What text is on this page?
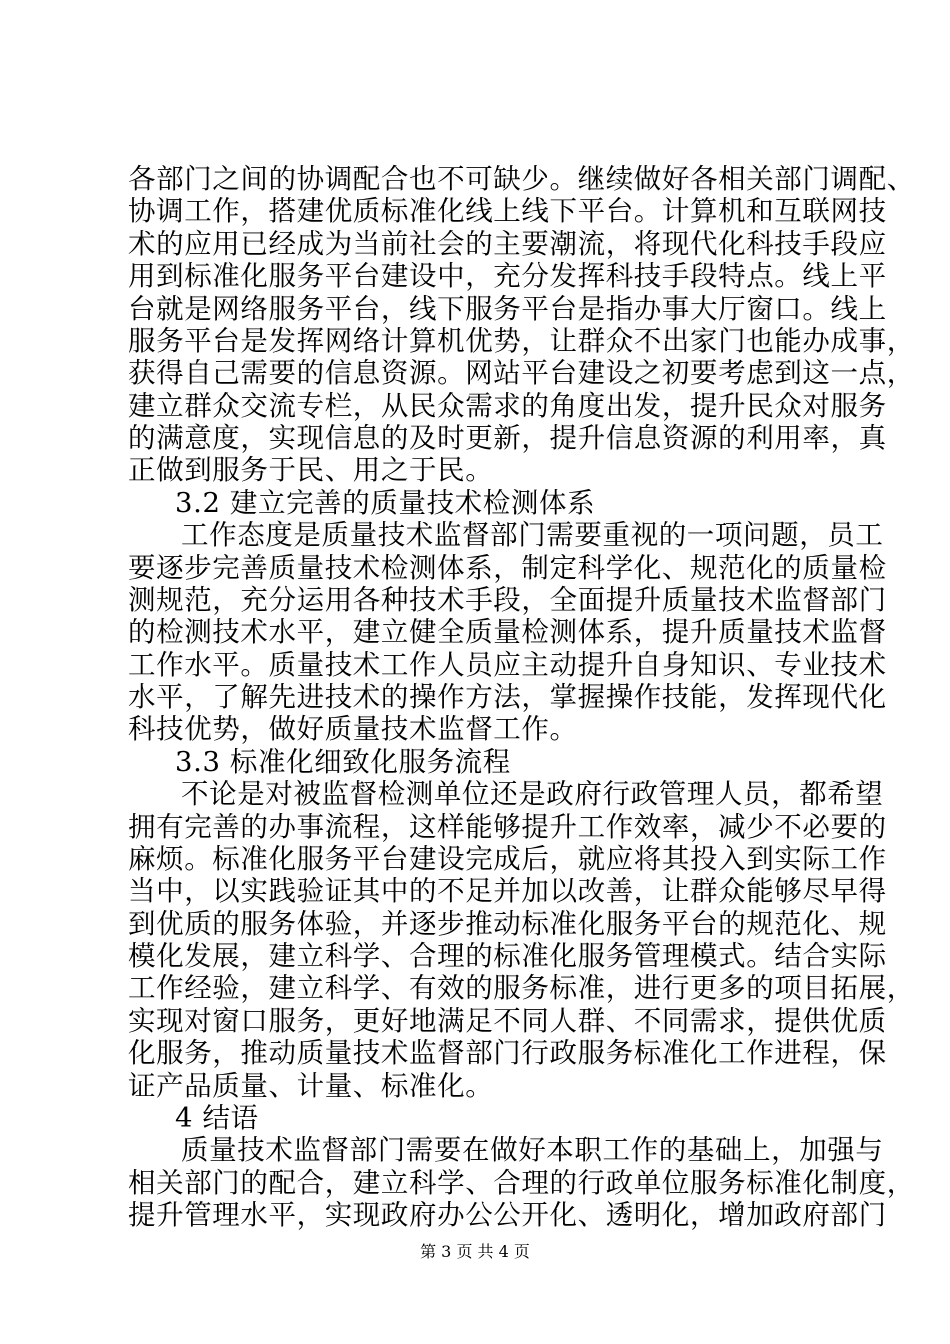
各部门之间的协调配合也不可缺少。继续做好各相关部门调配、
协调工作，搭建优质标准化线上线下平台。计算机和互联网技
术的应用已经成为当前社会的主要潮流，将现代化科技手段应
用到标准化服务平台建设中，充分发挥科技手段特点。线上平
台就是网络服务平台，线下服务平台是指办事大厅窗口。线上
服务平台是发挥网络计算机优势，让群众不出家门也能办成事，
获得自己需要的信息资源。网站平台建设之初要考虑到这一点，
建立群众交流专栏，从民众需求的角度出发，提升民众对服务
的满意度，实现信息的及时更新，提升信息资源的利用率，真
正做到服务于民、用之于民。
3.2 建立完善的质量技术检测体系
工作态度是质量技术监督部门需要重视的一项问题，员工
要逐步完善质量技术检测体系，制定科学化、规范化的质量检
测规范，充分运用各种技术手段，全面提升质量技术监督部门
的检测技术水平，建立健全质量检测体系，提升质量技术监督
工作水平。质量技术工作人员应主动提升自身知识、专业技术
水平，了解先进技术的操作方法，掌握操作技能，发挥现代化
科技优势，做好质量技术监督工作。
3.3 标准化细致化服务流程
不论是对被监督检测单位还是政府行政管理人员，都希望
拥有完善的办事流程，这样能够提升工作效率，减少不必要的
麻烦。标准化服务平台建设完成后，就应将其投入到实际工作
当中，以实践验证其中的不足并加以改善，让群众能够尽早得
到优质的服务体验，并逐步推动标准化服务平台的规范化、规
模化发展，建立科学、合理的标准化服务管理模式。结合实际
工作经验，建立科学、有效的服务标准，进行更多的项目拓展，
实现对窗口服务，更好地满足不同人群、不同需求，提供优质
化服务，推动质量技术监督部门行政服务标准化工作进程，保
证产品质量、计量、标准化。
4 结语
质量技术监督部门需要在做好本职工作的基础上，加强与
相关部门的配合，建立科学、合理的行政单位服务标准化制度，
提升管理水平，实现政府办公公开化、透明化，增加政府部门
第 3 页 共 4 页
